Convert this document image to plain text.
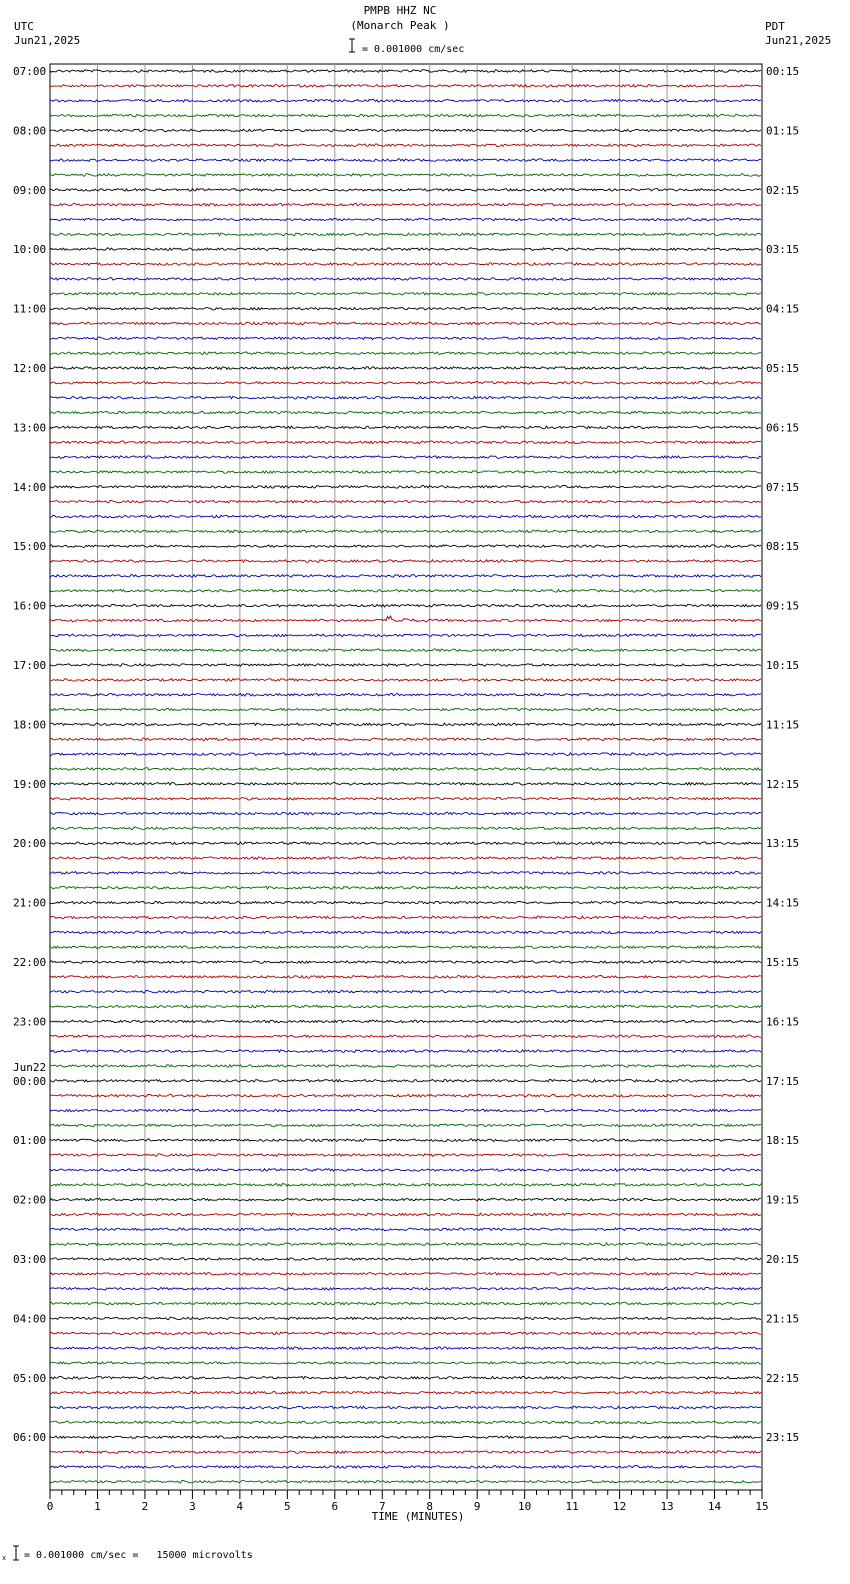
PMPB HHZ NC
(Monarch Peak )
= 0.001000 cm/sec
UTC
Jun21,2025
PDT
Jun21,2025
07:00	00:15
08:00	01:15
09:00	02:15
10:00	03:15
11:00	04:15
12:00	05:15
13:00	06:15
14:00	07:15
15:00	08:15
16:00	09:15
17:00	10:15
18:00	11:15
19:00	12:15
20:00	13:15
21:00	14:15
22:00	15:15
23:00	16:15
00:00	17:15
Jun22
01:00	18:15
02:00	19:15
03:00	20:15
04:00	21:15
05:00	22:15
06:00	23:15
0	1	2	3	4	5	6	7	8	9	10	11	12	13	14	15
TIME (MINUTES)
x = 0.001000 cm/sec =   15000 microvolts
